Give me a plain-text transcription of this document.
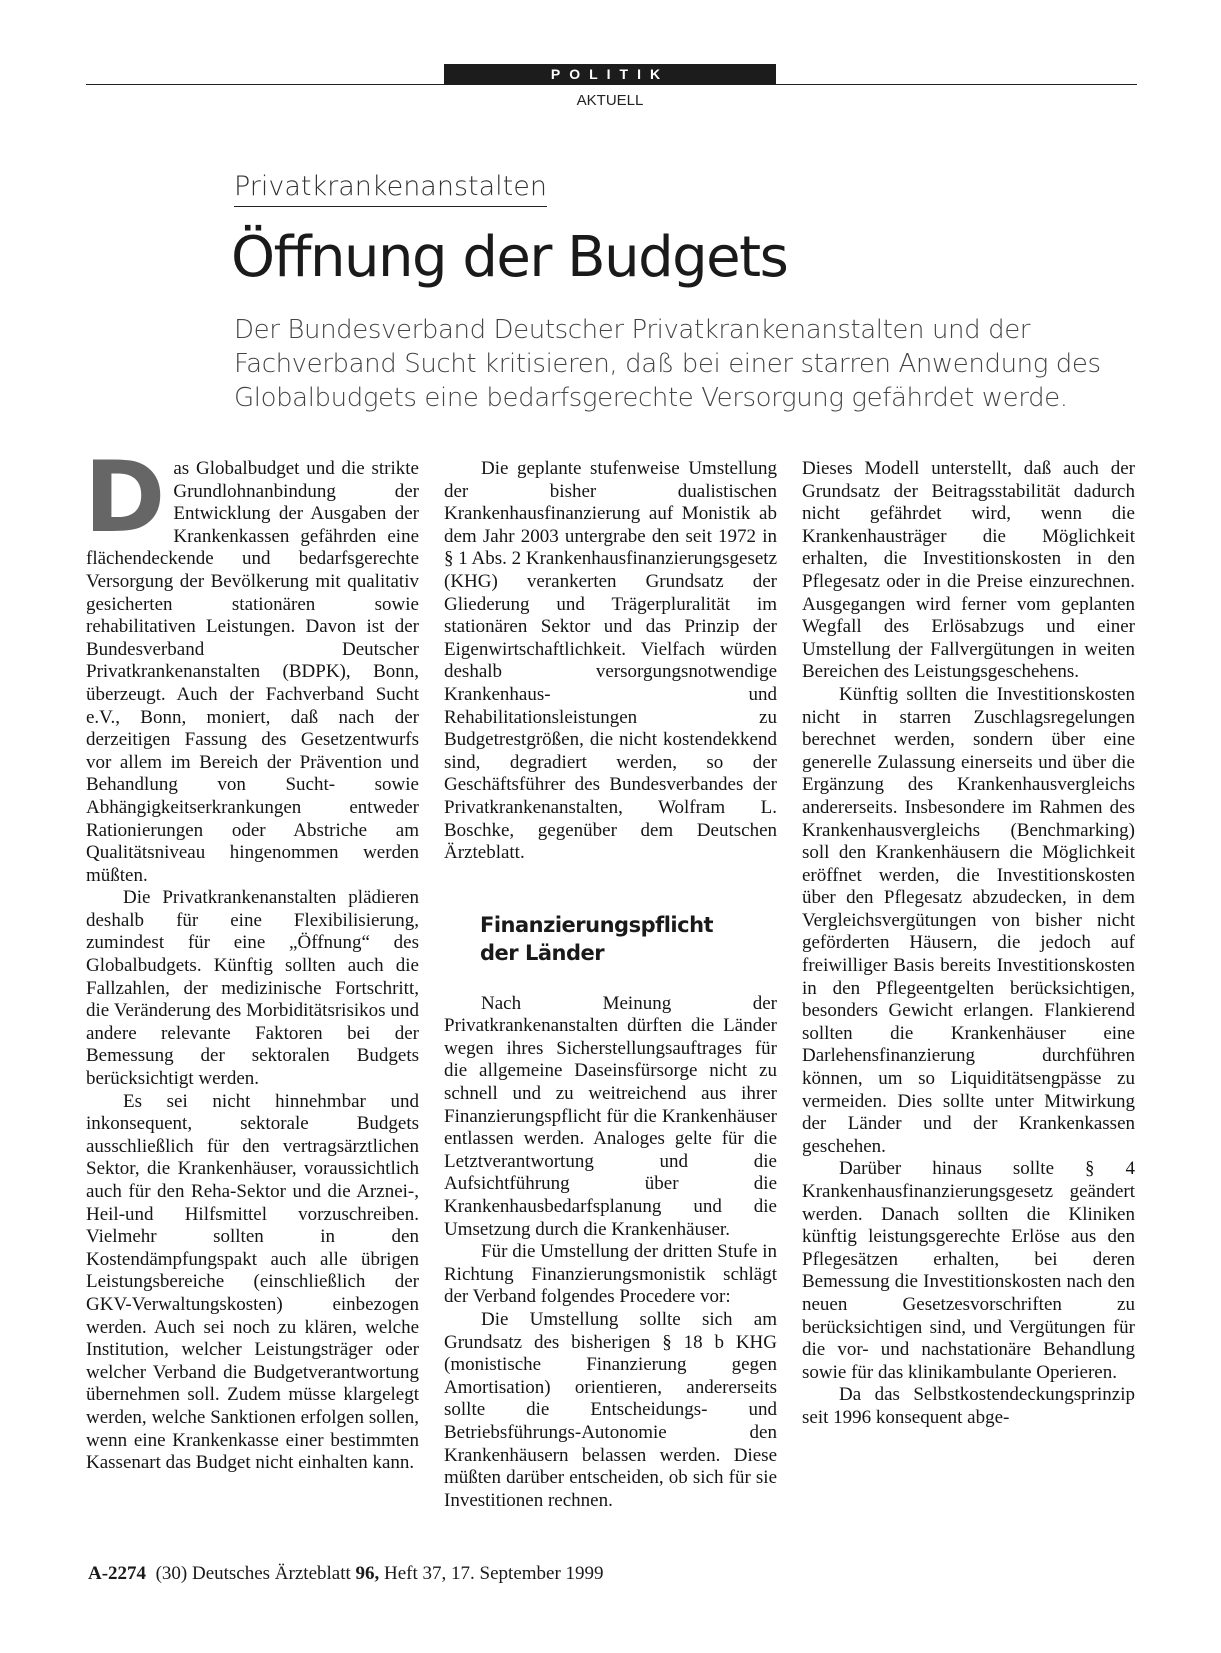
POLITIK
AKTUELL
Privatkrankenanstalten
Öffnung der Budgets
Der Bundesverband Deutscher Privatkrankenanstalten und der Fachverband Sucht kritisieren, daß bei einer starren Anwendung des Globalbudgets eine bedarfsgerechte Versorgung gefährdet werde.

Das Globalbudget und die strikte Grundlohnanbindung der Entwicklung der Ausgaben der Krankenkassen gefährden eine flächendeckende und bedarfsgerechte Versorgung der Bevölkerung mit qualitativ gesicherten stationären sowie rehabilitativen Leistungen. Davon ist der Bundesverband Deutscher Privatkrankenanstalten (BDPK), Bonn, überzeugt. Auch der Fachverband Sucht e.V., Bonn, moniert, daß nach der derzeitigen Fassung des Gesetzentwurfs vor allem im Bereich der Prävention und Behandlung von Sucht- sowie Abhängigkeitserkrankungen entweder Rationierungen oder Abstriche am Qualitätsniveau hingenommen werden müßten.

Die Privatkrankenanstalten plädieren deshalb für eine Flexibilisierung, zumindest für eine „Öffnung“ des Globalbudgets. Künftig sollten auch die Fallzahlen, der medizinische Fortschritt, die Veränderung des Morbiditätsrisikos und andere relevante Faktoren bei der Bemessung der sektoralen Budgets berücksichtigt werden.

Es sei nicht hinnehmbar und inkonsequent, sektorale Budgets ausschließlich für den vertragsärztlichen Sektor, die Krankenhäuser, voraussichtlich auch für den Reha-Sektor und die Arznei-, Heil-und Hilfsmittel vorzuschreiben. Vielmehr sollten in den Kostendämpfungspakt auch alle übrigen Leistungsbereiche (einschließlich der GKV-Verwaltungskosten) einbezogen werden. Auch sei noch zu klären, welche Institution, welcher Leistungsträger oder welcher Verband die Budgetverantwortung übernehmen soll. Zudem müsse klargelegt werden, welche Sanktionen erfolgen sollen, wenn eine Krankenkasse einer bestimmten Kassenart das Budget nicht einhalten kann.

Die geplante stufenweise Umstellung der bisher dualistischen Krankenhausfinanzierung auf Monistik ab dem Jahr 2003 untergrabe den seit 1972 in § 1 Abs. 2 Krankenhausfinanzierungsgesetz (KHG) verankerten Grundsatz der Gliederung und Trägerpluralität im stationären Sektor und das Prinzip der Eigenwirtschaftlichkeit. Vielfach würden deshalb versorgungsnotwendige Krankenhaus- und Rehabilitationsleistungen zu Budgetrestgrößen, die nicht kostendekkend sind, degradiert werden, so der Geschäftsführer des Bundesverbandes der Privatkrankenanstalten, Wolfram L. Boschke, gegenüber dem Deutschen Ärzteblatt.

Finanzierungspflicht
der Länder

Nach Meinung der Privatkrankenanstalten dürften die Länder wegen ihres Sicherstellungsauftrages für die allgemeine Daseinsfürsorge nicht zu schnell und zu weitreichend aus ihrer Finanzierungspflicht für die Krankenhäuser entlassen werden. Analoges gelte für die Letztverantwortung und die Aufsichtführung über die Krankenhausbedarfsplanung und die Umsetzung durch die Krankenhäuser.

Für die Umstellung der dritten Stufe in Richtung Finanzierungsmonistik schlägt der Verband folgendes Procedere vor:

Die Umstellung sollte sich am Grundsatz des bisherigen § 18 b KHG (monistische Finanzierung gegen Amortisation) orientieren, andererseits sollte die Entscheidungs- und Betriebsführungs-Autonomie den Krankenhäusern belassen werden. Diese müßten darüber entscheiden, ob sich für sie Investitionen rechnen.

Dieses Modell unterstellt, daß auch der Grundsatz der Beitragsstabilität dadurch nicht gefährdet wird, wenn die Krankenhausträger die Möglichkeit erhalten, die Investitionskosten in den Pflegesatz oder in die Preise einzurechnen. Ausgegangen wird ferner vom geplanten Wegfall des Erlösabzugs und einer Umstellung der Fallvergütungen in weiten Bereichen des Leistungsgeschehens.

Künftig sollten die Investitionskosten nicht in starren Zuschlagsregelungen berechnet werden, sondern über eine generelle Zulassung einerseits und über die Ergänzung des Krankenhausvergleichs andererseits. Insbesondere im Rahmen des Krankenhausvergleichs (Benchmarking) soll den Krankenhäusern die Möglichkeit eröffnet werden, die Investitionskosten über den Pflegesatz abzudecken, in dem Vergleichsvergütungen von bisher nicht geförderten Häusern, die jedoch auf freiwilliger Basis bereits Investitionskosten in den Pflegeentgelten berücksichtigen, besonders Gewicht erlangen. Flankierend sollten die Krankenhäuser eine Darlehensfinanzierung durchführen können, um so Liquiditätsengpässe zu vermeiden. Dies sollte unter Mitwirkung der Länder und der Krankenkassen geschehen.

Darüber hinaus sollte § 4 Krankenhausfinanzierungsgesetz geändert werden. Danach sollten die Kliniken künftig leistungsgerechte Erlöse aus den Pflegesätzen erhalten, bei deren Bemessung die Investitionskosten nach den neuen Gesetzesvorschriften zu berücksichtigen sind, und Vergütungen für die vor- und nachstationäre Behandlung sowie für das klinikambulante Operieren.

Da das Selbstkostendeckungsprinzip seit 1996 konsequent abge-

A-2274 (30) Deutsches Ärzteblatt 96, Heft 37, 17. September 1999
